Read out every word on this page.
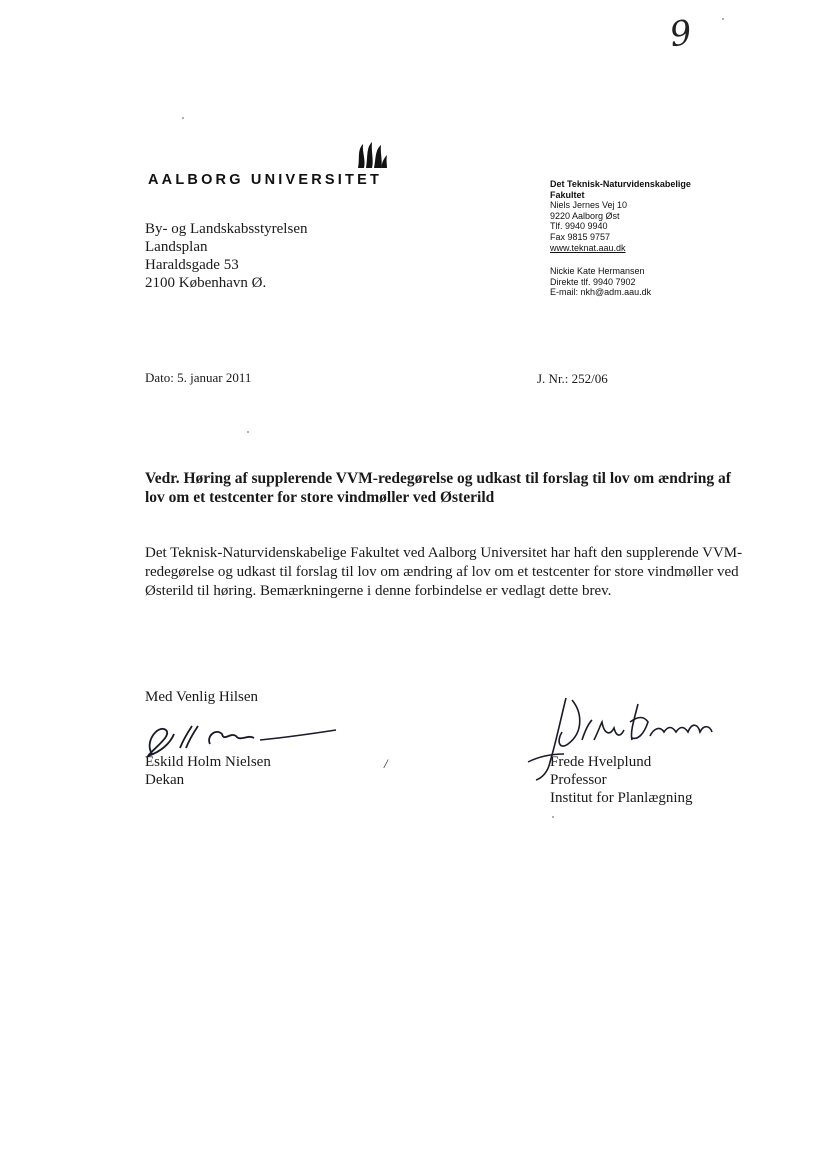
9
AALBORG UNIVERSITET
By- og Landskabsstyrelsen
Landsplan
Haraldsgade 53
2100 København Ø.
Det Teknisk-Naturvidenskabelige
Fakultet
Niels Jernes Vej 10
9220 Aalborg Øst
Tlf. 9940 9940
Fax 9815 9757
www.teknat.aau.dk
Nickie Kate Hermansen
Direkte tlf. 9940 7902
E-mail: nkh@adm.aau.dk
Dato: 5. januar 2011	J. Nr.: 252/06
Vedr. Høring af supplerende VVM-redegørelse og udkast til forslag til lov om ændring af lov om et testcenter for store vindmøller ved Østerild
Det Teknisk-Naturvidenskabelige Fakultet ved Aalborg Universitet har haft den supplerende VVM-redegørelse og udkast til forslag til lov om ændring af lov om et testcenter for store vindmøller ved Østerild til høring. Bemærkningerne i denne forbindelse er vedlagt dette brev.
Med Venlig Hilsen
Eskild Holm Nielsen
Dekan
/	Frede Hvelplund
Professor
Institut for Planlægning
